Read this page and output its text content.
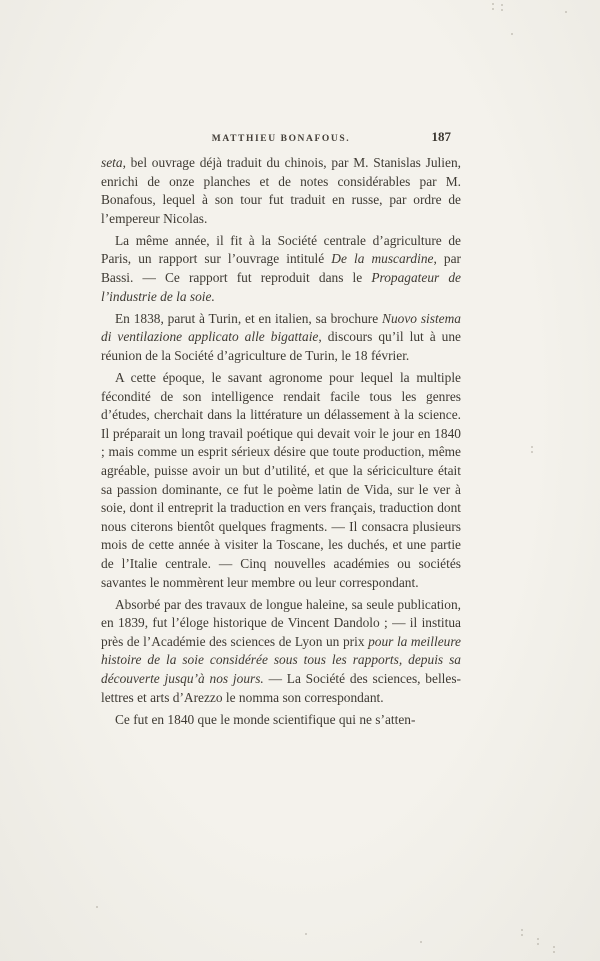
MATTHIEU BONAFOUS.	187

seta, bel ouvrage déjà traduit du chinois, par M. Stanislas Julien, enrichi de onze planches et de notes considérables par M. Bonafous, lequel à son tour fut traduit en russe, par ordre de l’empereur Nicolas.

La même année, il fit à la Société centrale d’agriculture de Paris, un rapport sur l’ouvrage intitulé De la muscardine, par Bassi. — Ce rapport fut reproduit dans le Propagateur de l’industrie de la soie.

En 1838, parut à Turin, et en italien, sa brochure Nuovo sistema di ventilazione applicato alle bigattaie, discours qu’il lut à une réunion de la Société d’agriculture de Turin, le 18 février.

A cette époque, le savant agronome pour lequel la multiple fécondité de son intelligence rendait facile tous les genres d’études, cherchait dans la littérature un délassement à la science. Il préparait un long travail poétique qui devait voir le jour en 1840 ; mais comme un esprit sérieux désire que toute production, même agréable, puisse avoir un but d’utilité, et que la sériciculture était sa passion dominante, ce fut le poème latin de Vida, sur le ver à soie, dont il entreprit la traduction en vers français, traduction dont nous citerons bientôt quelques fragments. — Il consacra plusieurs mois de cette année à visiter la Toscane, les duchés, et une partie de l’Italie centrale. — Cinq nouvelles académies ou sociétés savantes le nommèrent leur membre ou leur correspondant.

Absorbé par des travaux de longue haleine, sa seule publication, en 1839, fut l’éloge historique de Vincent Dandolo ; — il institua près de l’Académie des sciences de Lyon un prix pour la meilleure histoire de la soie considérée sous tous les rapports, depuis sa découverte jusqu’à nos jours. — La Société des sciences, belles-lettres et arts d’Arezzo le nomma son correspondant.

Ce fut en 1840 que le monde scientifique qui ne s’atten-
